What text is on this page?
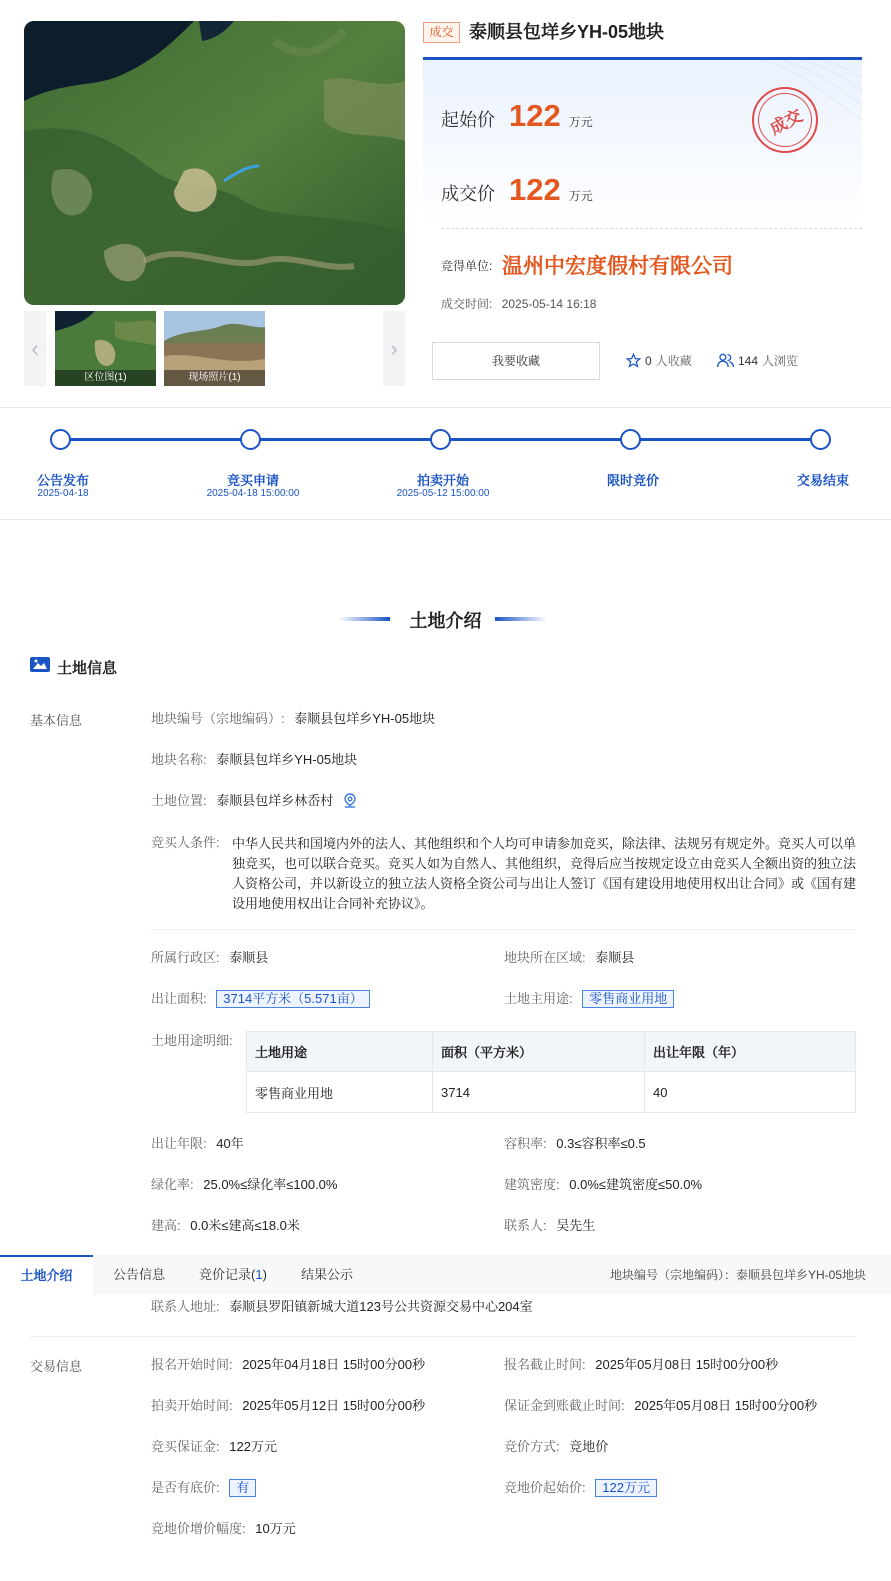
‹
区位图(1)	现场照片(1)
›
成交 泰顺县包垟乡YH-05地块
起始价 122 万元
成交价 122 万元
成交
竞得单位: 温州中宏度假村有限公司
成交时间: 2025-05-14 16:18
我要收藏	0 人收藏	144 人浏览
公告发布
2025-04-18
竞买申请
2025-04-18 15:00:00
拍卖开始
2025-05-12 15:00:00
限时竞价	交易结束
土地介绍
土地信息
基本信息	地块编号（宗地编码）: 泰顺县包垟乡YH-05地块
地块名称: 泰顺县包垟乡YH-05地块
土地位置: 泰顺县包垟乡林岙村
竞买人条件: 中华人民共和国境内外的法人、其他组织和个人均可申请参加竞买，除法律、法规另有规定外。竞买人可以单独竞买，也可以联合竞买。竞买人如为自然人、其他组织，竞得后应当按规定设立由竞买人全额出资的独立法人资格公司，并以新设立的独立法人资格全资公司与出让人签订《国有建设用地使用权出让合同》或《国有建设用地使用权出让合同补充协议》。
所属行政区: 泰顺县	地块所在区域: 泰顺县
出让面积: 3714平方米（5.571亩）	土地主用途: 零售商业用地
土地用途明细:
土地用途	面积（平方米）	出让年限（年）
零售商业用地	3714	40
出让年限: 40年	容积率: 0.3≤容积率≤0.5
绿化率: 25.0%≤绿化率≤100.0%	建筑密度: 0.0%≤建筑密度≤50.0%
建高: 0.0米≤建高≤18.0米	联系人: 吴先生
土地介绍	公告信息	竞价记录(1)	结果公示	地块编号（宗地编码）：泰顺县包垟乡YH-05地块
联系人地址: 泰顺县罗阳镇新城大道123号公共资源交易中心204室
交易信息	报名开始时间: 2025年04月18日 15时00分00秒	报名截止时间: 2025年05月08日 15时00分00秒
拍卖开始时间: 2025年05月12日 15时00分00秒	保证金到账截止时间: 2025年05月08日 15时00分00秒
竞买保证金: 122万元	竞价方式: 竞地价
是否有底价: 有	竞地价起始价: 122万元
竞地价增价幅度: 10万元
